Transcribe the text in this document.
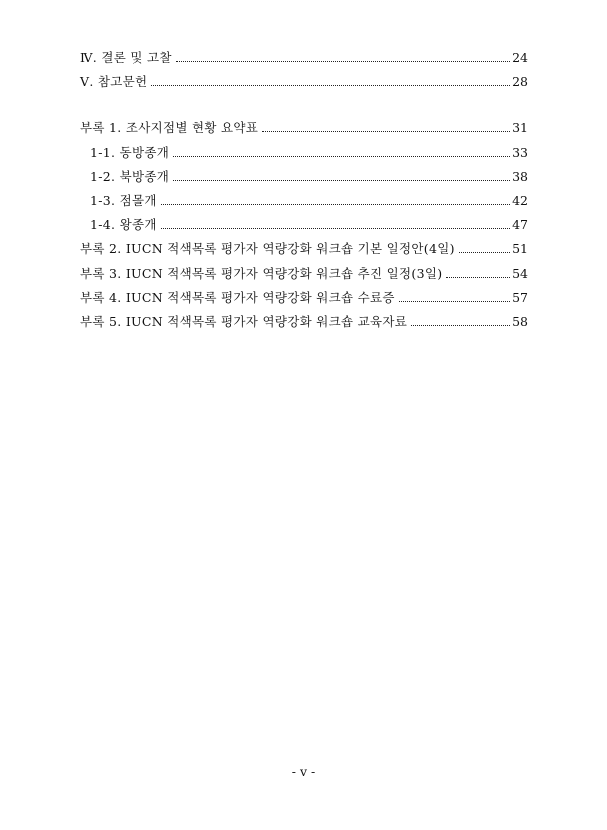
Ⅳ. 결론 및 고찰	24
Ⅴ. 참고문헌	28
부록 1. 조사지점별 현황 요약표	31
1-1. 동방종개	33
1-2. 북방종개	38
1-3. 점몰개	42
1-4. 왕종개	47
부록 2. IUCN 적색목록 평가자 역량강화 워크숍 기본 일정안(4일)	51
부록 3. IUCN 적색목록 평가자 역량강화 워크숍 추진 일정(3일)	54
부록 4. IUCN 적색목록 평가자 역량강화 워크숍 수료증	57
부록 5. IUCN 적색목록 평가자 역량강화 워크숍 교육자료	58
- v -
